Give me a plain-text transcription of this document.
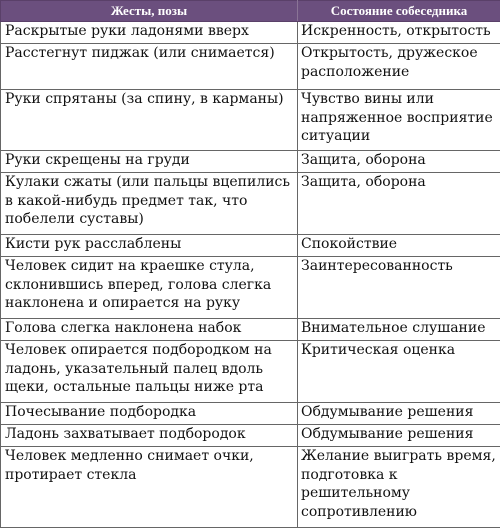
Жесты, позы	Состояние собеседника
Раскрытые руки ладонями вверх	Искренность, открытость
Расстегнут пиджак (или снимается)	Открытость, дружеское расположение
Руки спрятаны (за спину, в карманы)	Чувство вины или напряженное восприятие ситуации
Руки скрещены на груди	Защита, оборона
Кулаки сжаты (или пальцы вцепились в какой-нибудь предмет так, что побелели суставы)	Защита, оборона
Кисти рук расслаблены	Спокойствие
Человек сидит на краешке стула, склонившись вперед, голова слегка наклонена и опирается на руку	Заинтересованность
Голова слегка наклонена набок	Внимательное слушание
Человек опирается подбородком на ладонь, указательный палец вдоль щеки, остальные пальцы ниже рта	Критическая оценка
Почесывание подбородка	Обдумывание решения
Ладонь захватывает подбородок	Обдумывание решения
Человек медленно снимает очки, протирает стекла	Желание выиграть время, подготовка к решительному сопротивлению
